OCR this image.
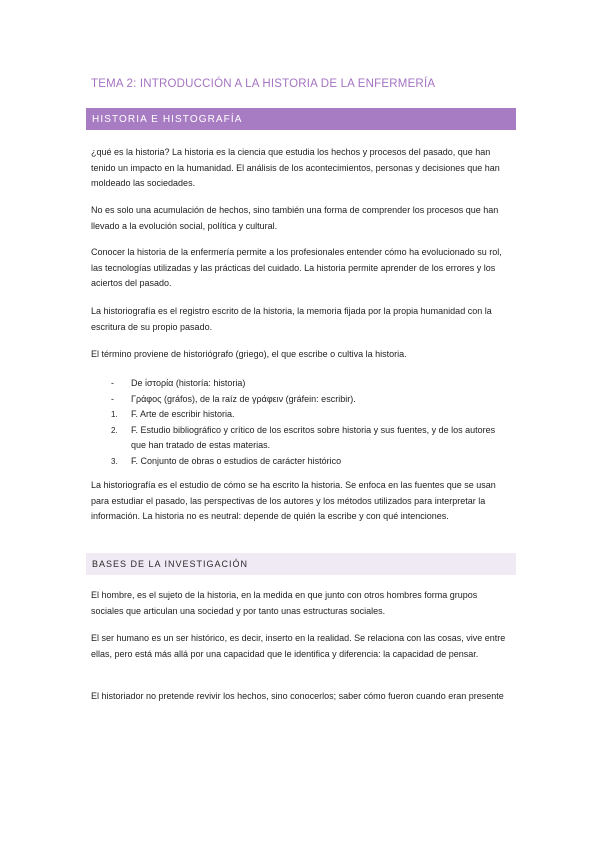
TEMA 2: INTRODUCCIÓN A LA HISTORIA DE LA ENFERMERÍA
HISTORIA E HISTOGRAFÍA

¿qué es la historia? La historia es la ciencia que estudia los hechos y procesos del pasado, que han tenido un impacto en la humanidad. El análisis de los acontecimientos, personas y decisiones que han moldeado las sociedades.

No es solo una acumulación de hechos, sino también una forma de comprender los procesos que han llevado a la evolución social, política y cultural.

Conocer la historia de la enfermería permite a los profesionales entender cómo ha evolucionado su rol, las tecnologías utilizadas y las prácticas del cuidado. La historia permite aprender de los errores y los aciertos del pasado.

La historiografía es el registro escrito de la historia, la memoria fijada por la propia humanidad con la escritura de su propio pasado.

El término proviene de historiógrafo (griego), el que escribe o cultiva la historia.

- De ἱστορία (historía: historia)
- Γράφος (gráfos), de la raíz de γράφειν (gráfein: escribir).
1. F. Arte de escribir historia.
2. F. Estudio bibliográfico y crítico de los escritos sobre historia y sus fuentes, y de los autores que han tratado de estas materias.
3. F. Conjunto de obras o estudios de carácter histórico

La historiografía es el estudio de cómo se ha escrito la historia. Se enfoca en las fuentes que se usan para estudiar el pasado, las perspectivas de los autores y los métodos utilizados para interpretar la información. La historia no es neutral: depende de quién la escribe y con qué intenciones.

BASES DE LA INVESTIGACIÓN

El hombre, es el sujeto de la historia, en la medida en que junto con otros hombres forma grupos sociales que articulan una sociedad y por tanto unas estructuras sociales.

El ser humano es un ser histórico, es decir, inserto en la realidad. Se relaciona con las cosas, vive entre ellas, pero está más allá por una capacidad que le identifica y diferencia: la capacidad de pensar.

El historiador no pretende revivir los hechos, sino conocerlos; saber cómo fueron cuando eran presente
